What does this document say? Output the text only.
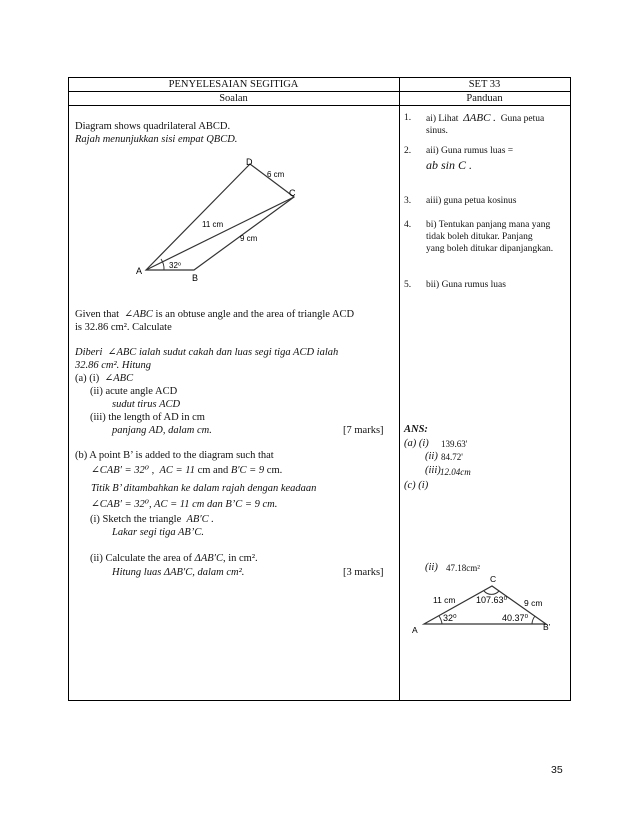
PENYELESAIAN SEGITIGA	SET 33
Soalan	Panduan
Diagram shows quadrilateral ABCD.
Rajah menunjukkan sisi empat QBCD.
D
C
A
B
6 cm
11 cm
9 cm
32⁰
Given that ∠ABC is an obtuse angle and the area of triangle ACD
is 32.86 cm². Calculate
Diberi ∠ABC ialah sudut cakah dan luas segi tiga ACD ialah
32.86 cm². Hitung
(a) (i) ∠ABC
(ii) acute angle ACD
sudut tirus ACD
(iii) the length of AD in cm
panjang AD, dalam cm.	[7 marks]
(b) A point B’ is added to the diagram such that
∠CAB′ = 32⁰ , AC = 11 cm and B′C = 9 cm.
Titik B’ ditambahkan ke dalam rajah dengan keadaan
∠CAB′ = 32⁰, AC = 11 cm dan B’C = 9 cm.
(i) Sketch the triangle AB′C .
Lakar segi tiga AB’C.
(ii) Calculate the area of ΔAB′C, in cm².
Hitung luas ΔAB′C, dalam cm².	[3 marks]
1. ai) Lihat ΔABC . Guna petua
sinus.
2. aii) Guna rumus luas =
ab sin C .
3. aiii) guna petua kosinus
4. bi) Tentukan panjang mana yang
tidak boleh ditukar. Panjang
yang boleh ditukar dipanjangkan.
5. bii) Guna rumus luas
ANS:
(a) (i) 139.63'
(ii) 84.72'
(iii) 12.04cm
(c) (i)
(ii) 47.18cm²
C
A	B’
11 cm	9 cm
107.63⁰
32⁰	40.37⁰
35
